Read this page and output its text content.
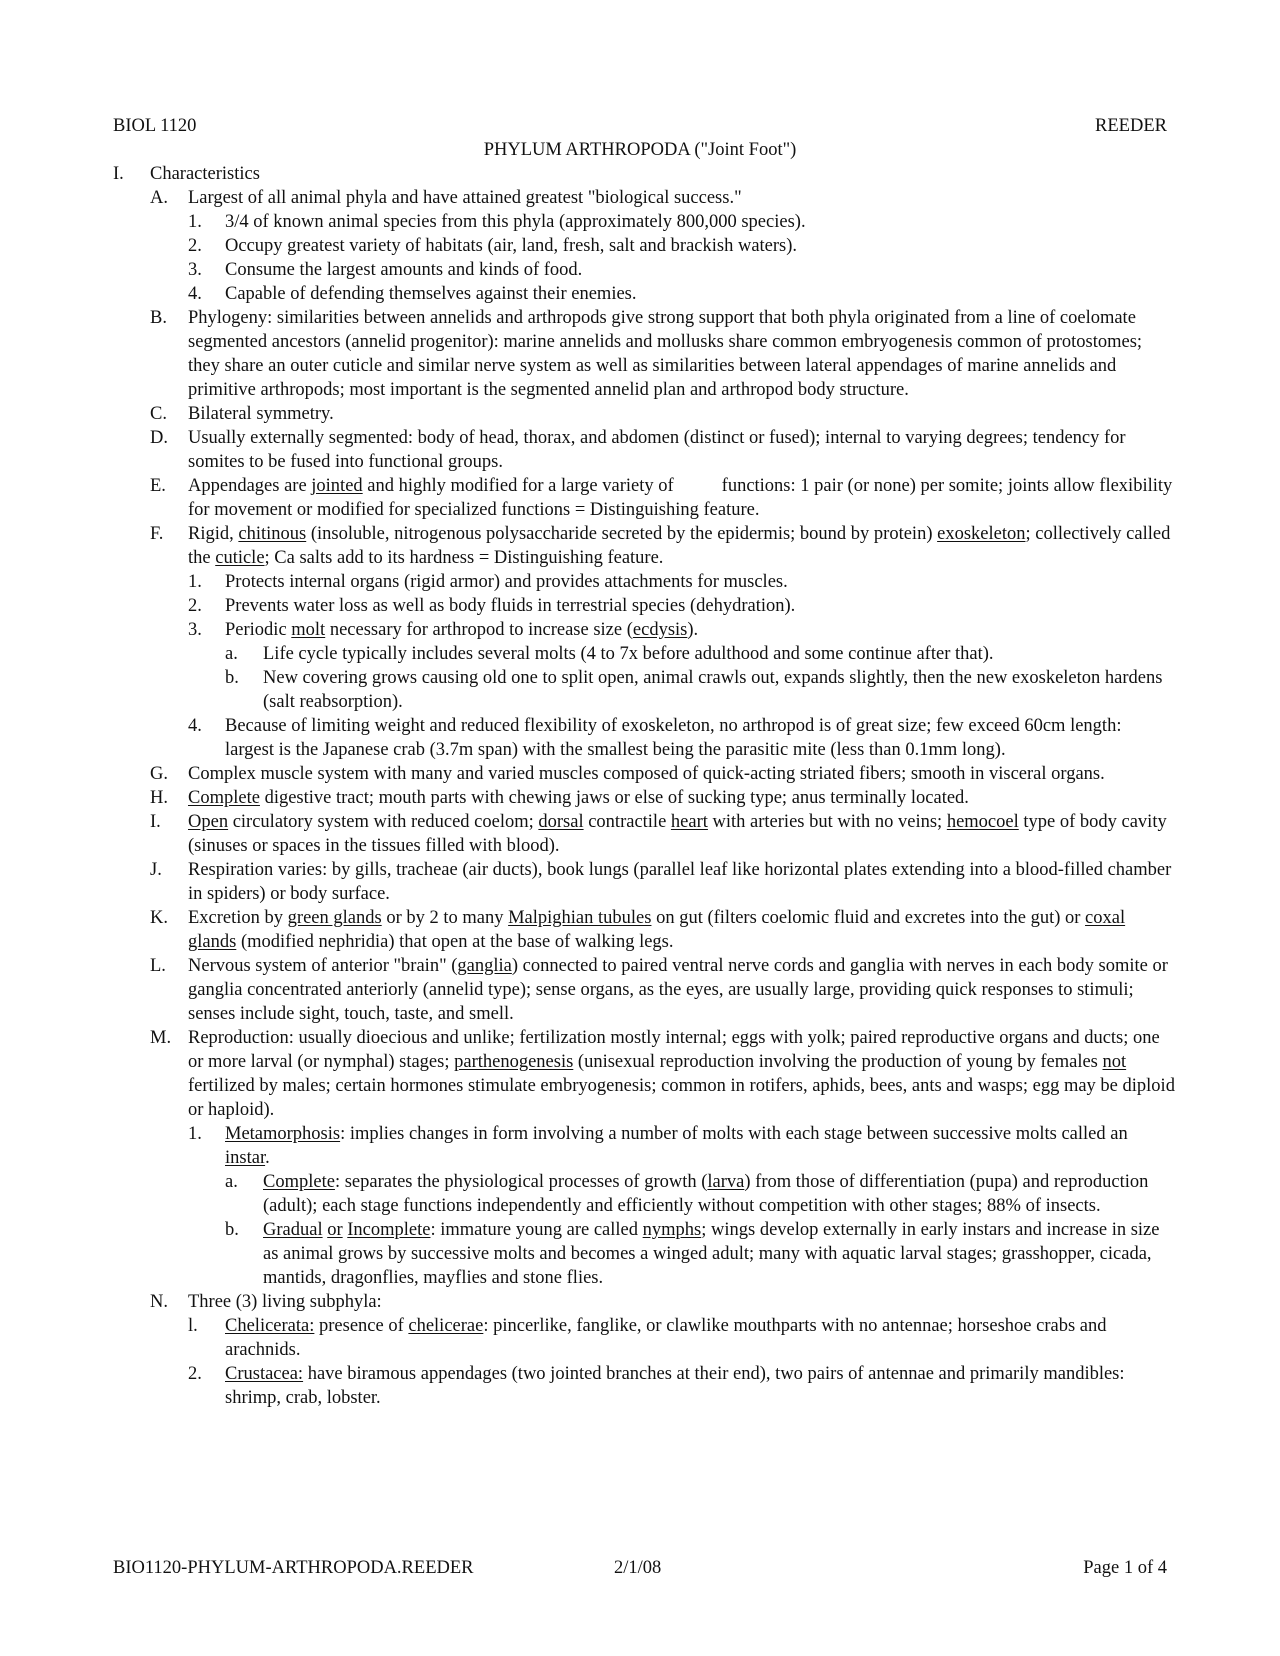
BIOL 1120	REEDER
PHYLUM ARTHROPODA ("Joint Foot")
I.	Characteristics
A.	Largest of all animal phyla and have attained greatest "biological success."
1.	3/4 of known animal species from this phyla (approximately 800,000 species).
2.	Occupy greatest variety of habitats (air, land, fresh, salt and brackish waters).
3.	Consume the largest amounts and kinds of food.
4.	Capable of defending themselves against their enemies.
B.	Phylogeny: similarities between annelids and arthropods give strong support that both phyla originated from a line of coelomate segmented ancestors (annelid progenitor): marine annelids and mollusks share common embryogenesis common of protostomes; they share an outer cuticle and similar nerve system as well as similarities between lateral appendages of marine annelids and primitive arthropods; most important is the segmented annelid plan and arthropod body structure.
C.	Bilateral symmetry.
D.	Usually externally segmented: body of head, thorax, and abdomen (distinct or fused); internal to varying degrees; tendency for somites to be fused into functional groups.
E.	Appendages are jointed and highly modified for a large variety of	functions: 1 pair (or none) per somite; joints allow flexibility for movement or modified for specialized functions = Distinguishing feature.
F.	Rigid, chitinous (insoluble, nitrogenous polysaccharide secreted by the epidermis; bound by protein) exoskeleton; collectively called the cuticle; Ca salts add to its hardness = Distinguishing feature.
1.	Protects internal organs (rigid armor) and provides attachments for muscles.
2.	Prevents water loss as well as body fluids in terrestrial species (dehydration).
3.	Periodic molt necessary for arthropod to increase size (ecdysis).
a.	Life cycle typically includes several molts (4 to 7x before adulthood and some continue after that).
b.	New covering grows causing old one to split open, animal crawls out, expands slightly, then the new exoskeleton hardens (salt reabsorption).
4.	Because of limiting weight and reduced flexibility of exoskeleton, no arthropod is of great size; few exceed 60cm length: largest is the Japanese crab (3.7m span) with the smallest being the parasitic mite (less than 0.1mm long).
G.	Complex muscle system with many and varied muscles composed of quick-acting striated fibers; smooth in visceral organs.
H.	Complete digestive tract; mouth parts with chewing jaws or else of sucking type; anus terminally located.
I.	Open circulatory system with reduced coelom; dorsal contractile heart with arteries but with no veins; hemocoel type of body cavity (sinuses or spaces in the tissues filled with blood).
J.	Respiration varies: by gills, tracheae (air ducts), book lungs (parallel leaf like horizontal plates extending into a blood-filled chamber in spiders) or body surface.
K.	Excretion by green glands or by 2 to many Malpighian tubules on gut (filters coelomic fluid and excretes into the gut) or coxal glands (modified nephridia) that open at the base of walking legs.
L.	Nervous system of anterior "brain" (ganglia) connected to paired ventral nerve cords and ganglia with nerves in each body somite or ganglia concentrated anteriorly (annelid type); sense organs, as the eyes, are usually large, providing quick responses to stimuli; senses include sight, touch, taste, and smell.
M. Reproduction: usually dioecious and unlike; fertilization mostly internal; eggs with yolk; paired reproductive organs and ducts; one or more larval (or nymphal) stages; parthenogenesis (unisexual reproduction involving the production of young by females not fertilized by males; certain hormones stimulate embryogenesis; common in rotifers, aphids, bees, ants and wasps; egg may be diploid or haploid).
1.	Metamorphosis: implies changes in form involving a number of molts with each stage between successive molts called an instar.
a.	Complete: separates the physiological processes of growth (larva) from those of differentiation (pupa) and reproduction (adult); each stage functions independently and efficiently without competition with other stages; 88% of insects.
b.	Gradual or Incomplete: immature young are called nymphs; wings develop externally in early instars and increase in size as animal grows by successive molts and becomes a winged adult; many with aquatic larval stages; grasshopper, cicada, mantids, dragonflies, mayflies and stone flies.
N.	Three (3) living subphyla:
l.	Chelicerata: presence of chelicerae: pincerlike, fanglike, or clawlike mouthparts with no antennae; horseshoe crabs and arachnids.
2.	Crustacea: have biramous appendages (two jointed branches at their end), two pairs of antennae and primarily mandibles: shrimp, crab, lobster.
BIO1120-PHYLUM-ARTHROPODA.REEDER	2/1/08	Page 1 of 4
